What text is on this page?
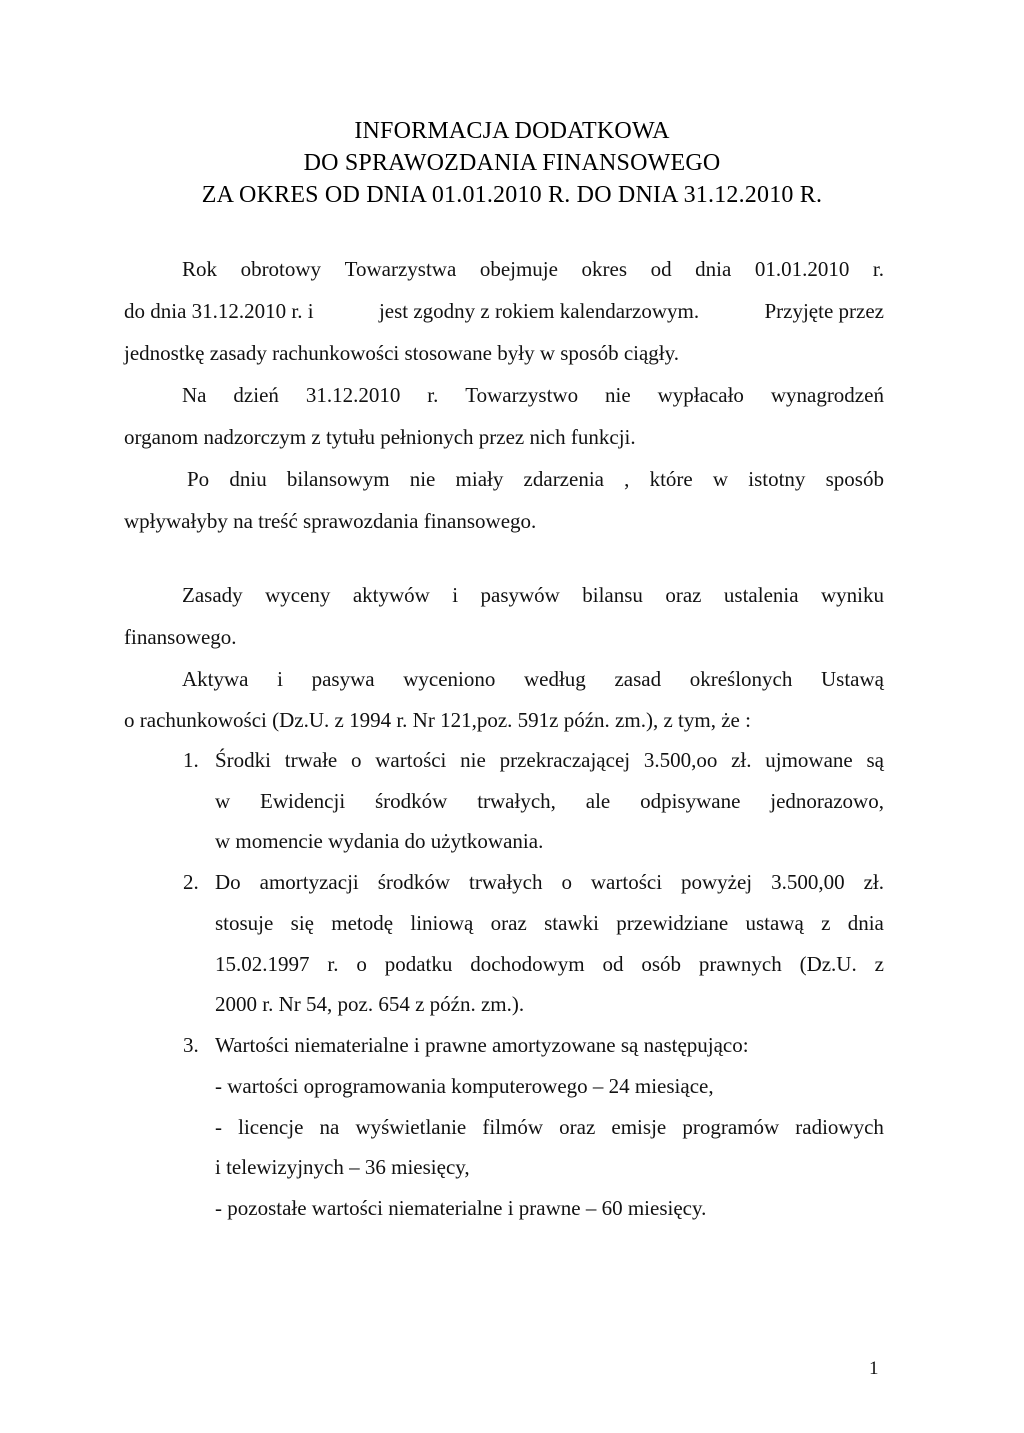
INFORMACJA DODATKOWA
DO SPRAWOZDANIA FINANSOWEGO
ZA OKRES OD DNIA 01.01.2010 R. DO DNIA 31.12.2010 R.
Rok obrotowy Towarzystwa obejmuje okres od dnia 01.01.2010 r.
do dnia 31.12.2010 r. i	jest zgodny z rokiem kalendarzowym.	Przyjęte przez
jednostkę zasady rachunkowości stosowane były w sposób ciągły.
Na dzień 31.12.2010 r. Towarzystwo nie wypłacało wynagrodzeń
organom nadzorczym z tytułu pełnionych przez nich funkcji.
Po dniu bilansowym nie miały zdarzenia , które w istotny sposób
wpływałyby na treść sprawozdania finansowego.
Zasady wyceny aktywów i pasywów bilansu oraz ustalenia wyniku
finansowego.
Aktywa i pasywa wyceniono według zasad określonych Ustawą
o rachunkowości (Dz.U. z 1994 r. Nr 121,poz. 591z późn. zm.), z tym, że :
1. Środki trwałe o wartości nie przekraczającej 3.500,oo zł. ujmowane są
w Ewidencji środków trwałych, ale odpisywane jednorazowo,
w momencie wydania do użytkowania.
2. Do amortyzacji środków trwałych o wartości powyżej 3.500,00 zł.
stosuje się metodę liniową oraz stawki przewidziane ustawą z dnia
15.02.1997 r. o podatku dochodowym od osób prawnych (Dz.U. z
2000 r. Nr 54, poz. 654 z późn. zm.).
3. Wartości niematerialne i prawne amortyzowane są następująco:
- wartości oprogramowania komputerowego – 24 miesiące,
- licencje na wyświetlanie filmów oraz emisje programów radiowych
i telewizyjnych – 36 miesięcy,
- pozostałe wartości niematerialne i prawne – 60 miesięcy.
1
